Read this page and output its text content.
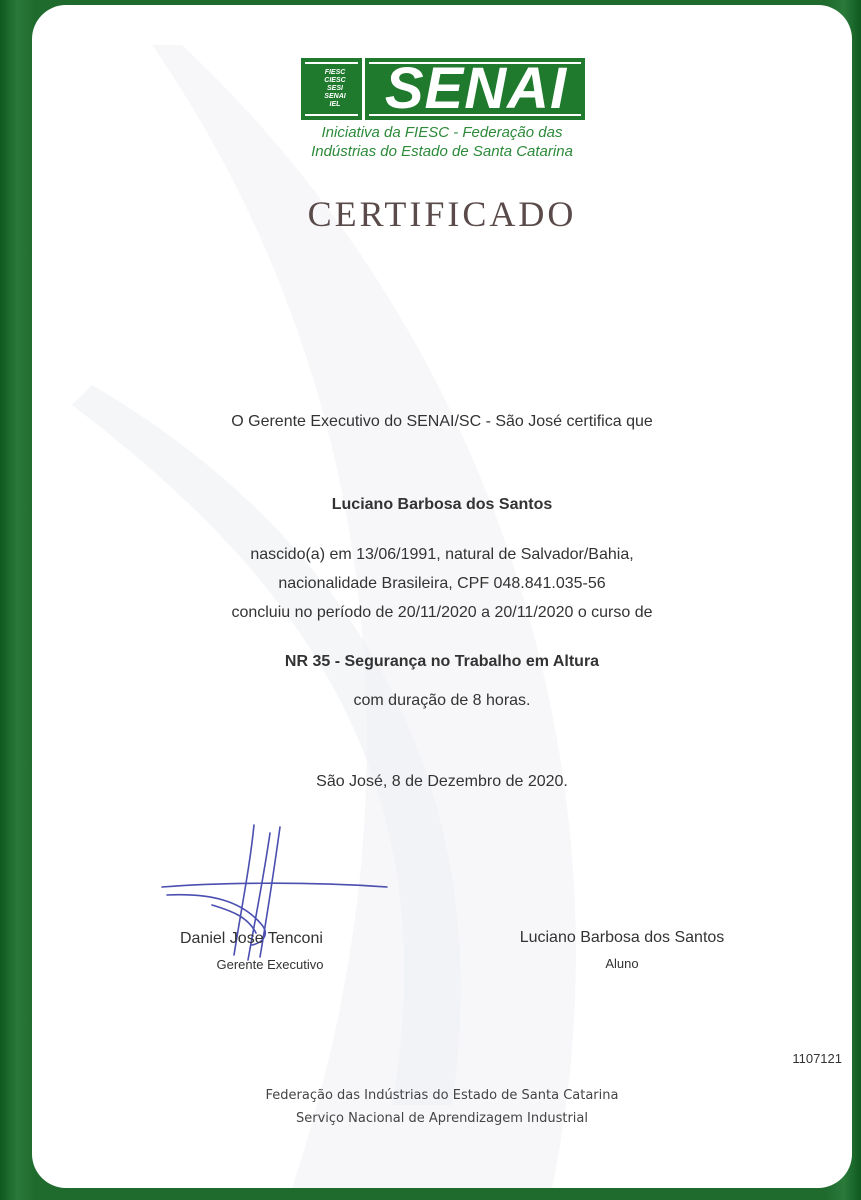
FIESC
CIESC
SESI
SENAI
IEL SENAI
Iniciativa da FIESC - Federação das
Indústrias do Estado de Santa Catarina
CERTIFICADO
O Gerente Executivo do SENAI/SC - São José certifica que
Luciano Barbosa dos Santos
nascido(a) em 13/06/1991, natural de Salvador/Bahia,
nacionalidade Brasileira, CPF 048.841.035-56
concluiu no período de 20/11/2020 a 20/11/2020 o curso de
NR 35 - Segurança no Trabalho em Altura
com duração de 8 horas.
São José, 8 de Dezembro de 2020.
Daniel Jose Tenconi
Gerente Executivo
Luciano Barbosa dos Santos
Aluno
1107121
Federação das Indústrias do Estado de Santa Catarina
Serviço Nacional de Aprendizagem Industrial
